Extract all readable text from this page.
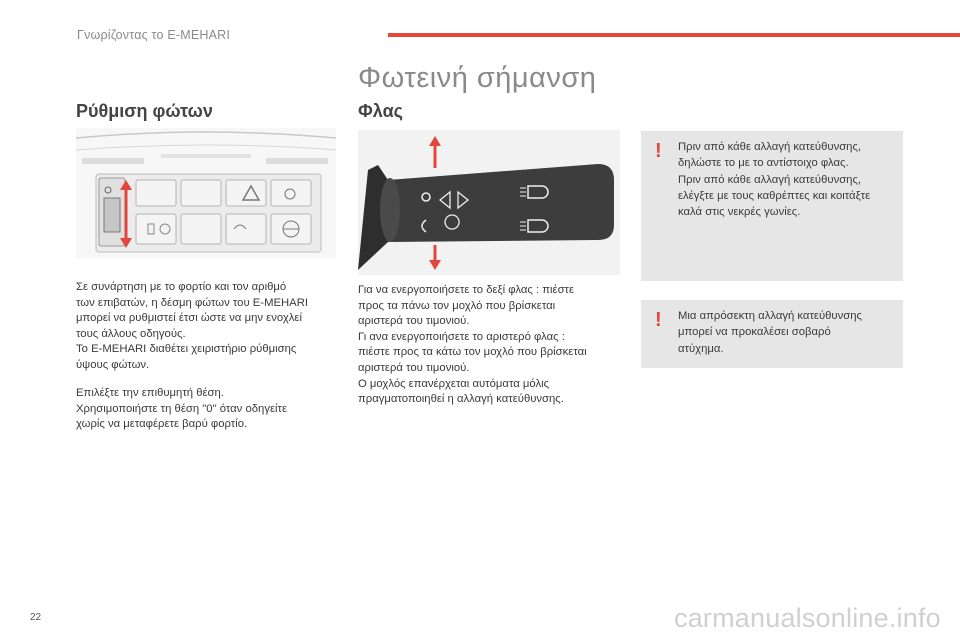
Γνωρίζοντας το E-MEHARI
Φωτεινή σήμανση
Ρύθμιση φώτων

Σε συνάρτηση με το φορτίο και τον αριθμό

των επιβατών, η δέσμη φώτων του E-MEHARI

μπορεί να ρυθμιστεί έτσι ώστε να μην ενοχλεί

τους άλλους οδηγούς.

Το E-MEHARI διαθέτει χειριστήριο ρύθμισης

ύψους φώτων.

Επιλέξτε την επιθυμητή θέση.

Χρησιμοποιήστε τη θέση "0" όταν οδηγείτε

χωρίς να μεταφέρετε βαρύ φορτίο.

Φλας

Για να ενεργοποιήσετε το δεξί φλας : πιέστε

προς τα πάνω τον μοχλό που βρίσκεται

αριστερά του τιμονιού.

Γι ανα ενεργοποιήσετε το αριστερό φλας :

πιέστε προς τα κάτω τον μοχλό που βρίσκεται

αριστερά του τιμονιού.

Ο μοχλός επανέρχεται αυτόματα μόλις

πραγματοποιηθεί η αλλαγή κατεύθυνσης.

! Πριν από κάθε αλλαγή κατεύθυνσης,

δηλώστε το με το αντίστοιχο φλας.

Πριν από κάθε αλλαγή κατεύθυνσης,

ελέγξτε με τους καθρέπτες και κοιτάξτε

καλά στις νεκρές γωνίες.

! Μια απρόσεκτη αλλαγή κατεύθυνσης

μπορεί να προκαλέσει σοβαρό

ατύχημα.

22	carmanualsonline.info
